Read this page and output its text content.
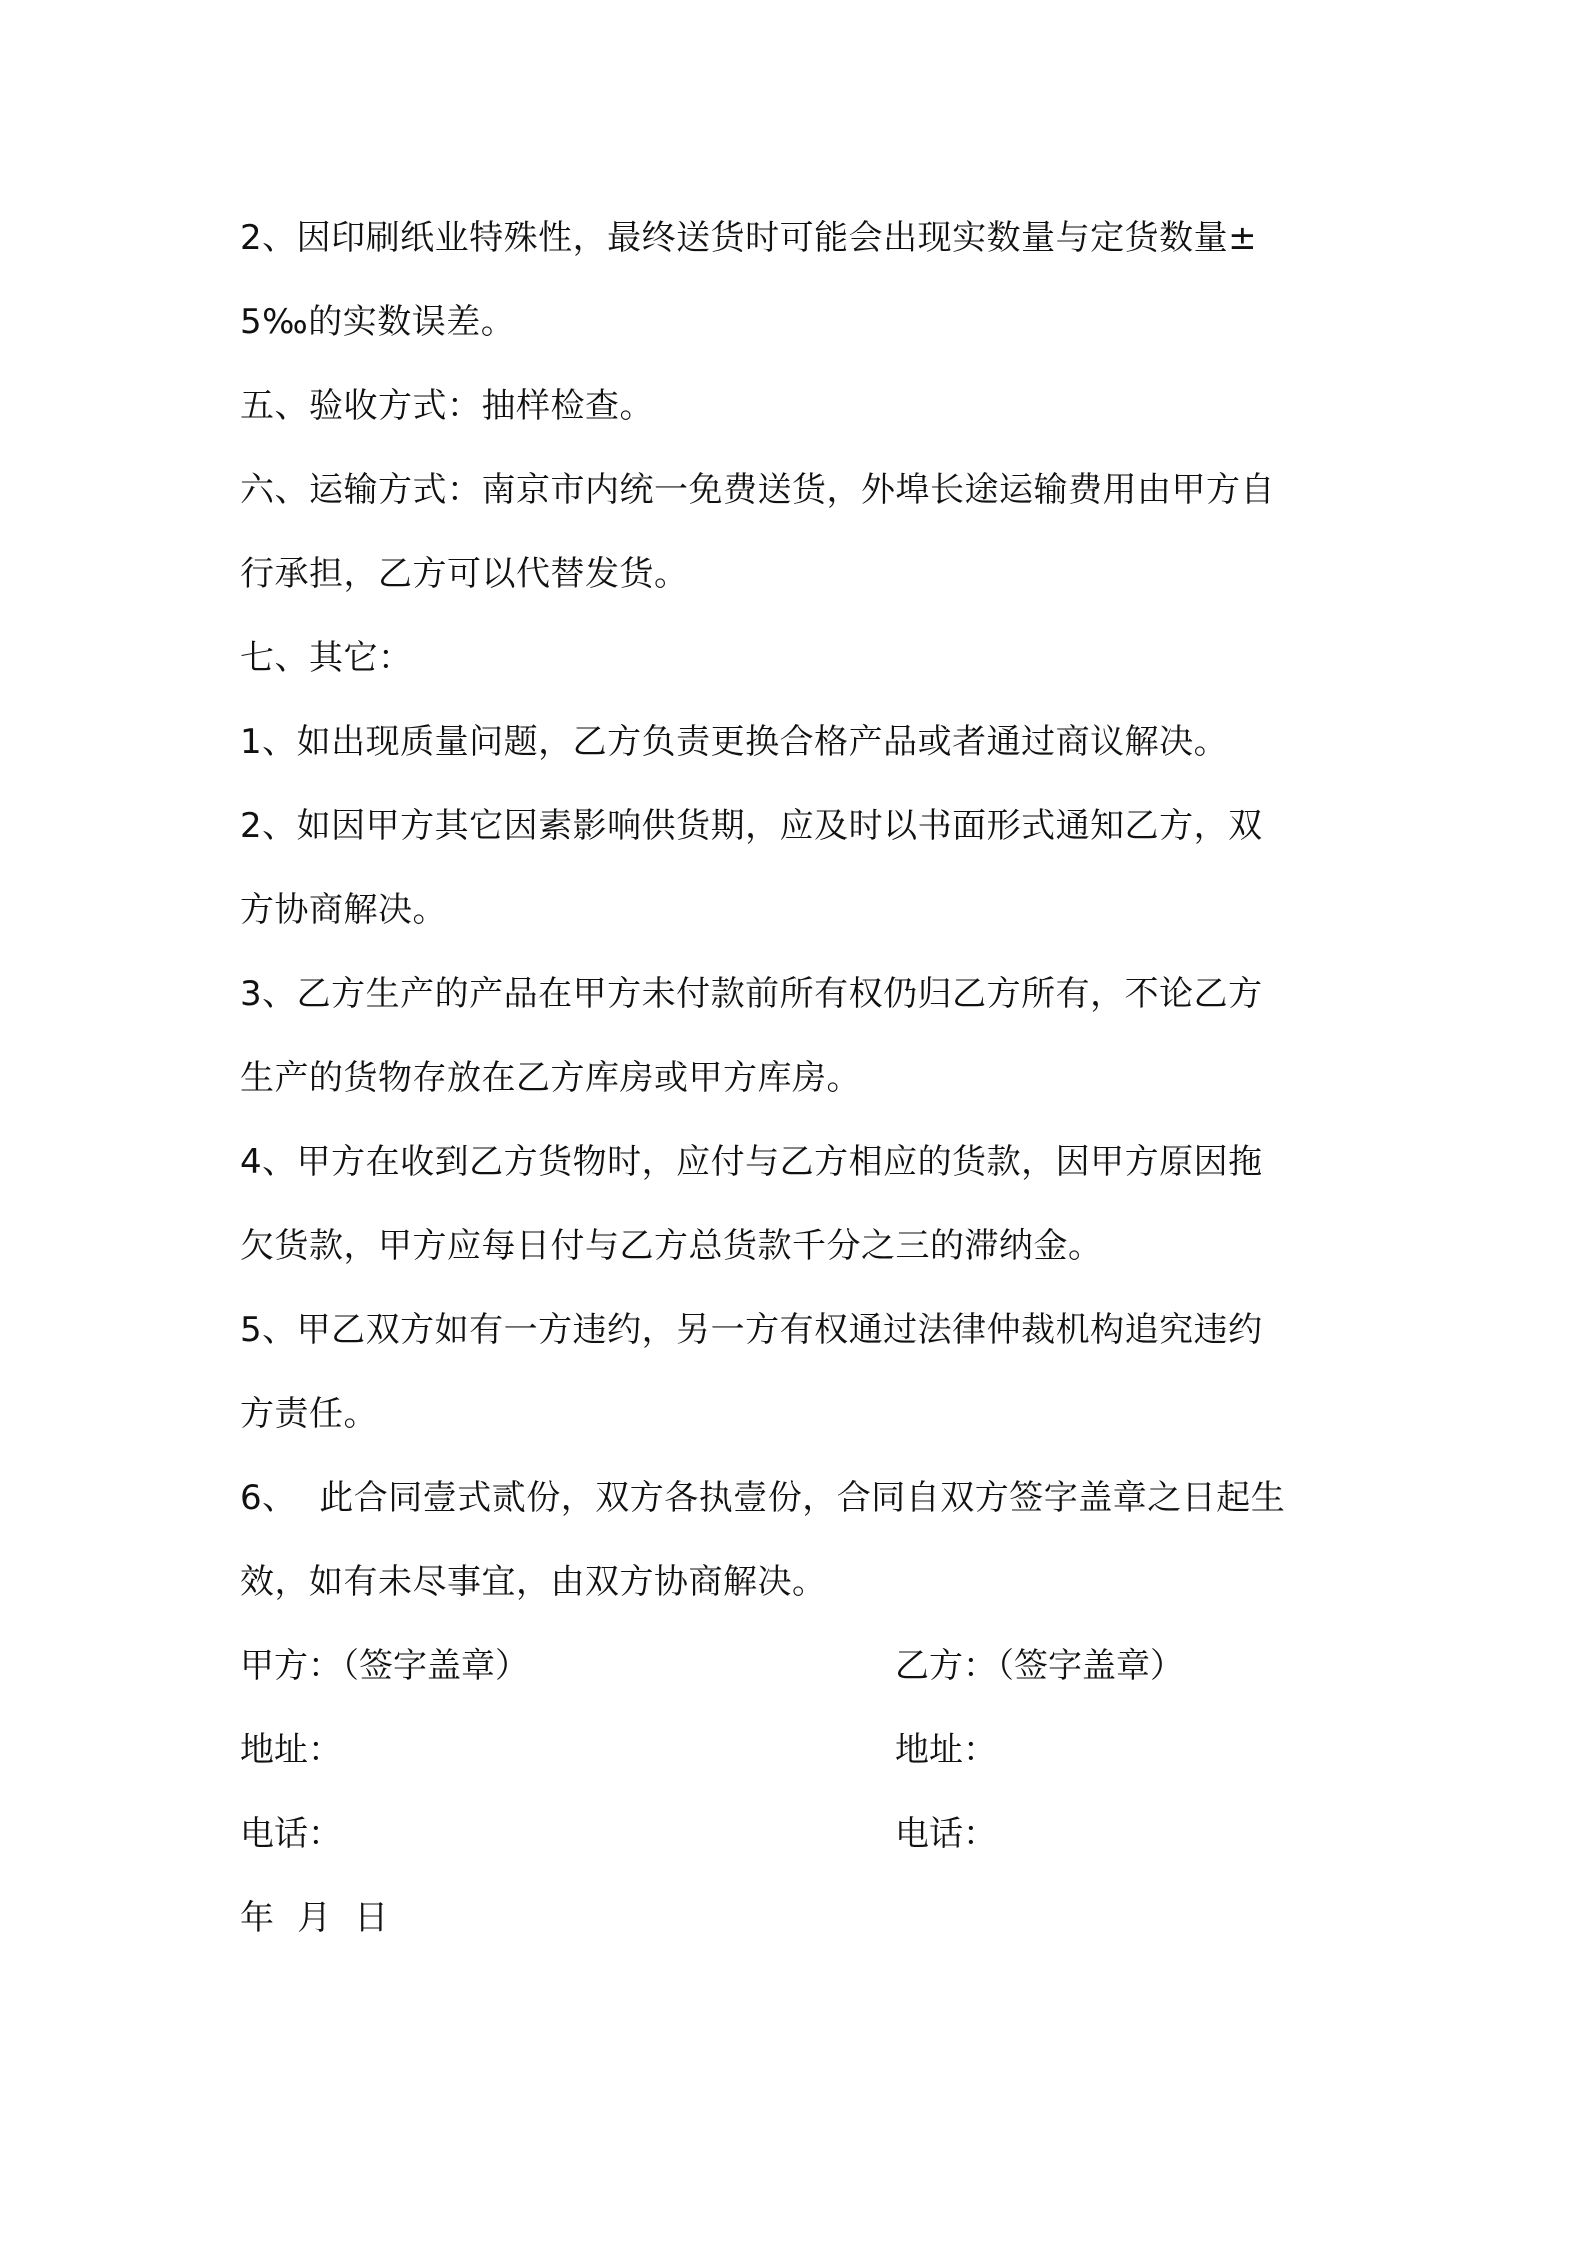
2、因印刷纸业特殊性，最终送货时可能会出现实数量与定货数量±
5‰的实数误差。
五、验收方式：抽样检查。
六、运输方式：南京市内统一免费送货，外埠长途运输费用由甲方自
行承担，乙方可以代替发货。
七、其它：
1、如出现质量问题，乙方负责更换合格产品或者通过商议解决。
2、如因甲方其它因素影响供货期，应及时以书面形式通知乙方，双
方协商解决。
3、乙方生产的产品在甲方未付款前所有权仍归乙方所有，不论乙方
生产的货物存放在乙方库房或甲方库房。
4、甲方在收到乙方货物时，应付与乙方相应的货款，因甲方原因拖
欠货款，甲方应每日付与乙方总货款千分之三的滞纳金。
5、甲乙双方如有一方违约，另一方有权通过法律仲裁机构追究违约
方责任。
6、  此合同壹式贰份，双方各执壹份，合同自双方签字盖章之日起生
效，如有未尽事宜，由双方协商解决。
甲方：（签字盖章）	乙方：（签字盖章）
地址：	地址：
电话：	电话：
年  月  日
